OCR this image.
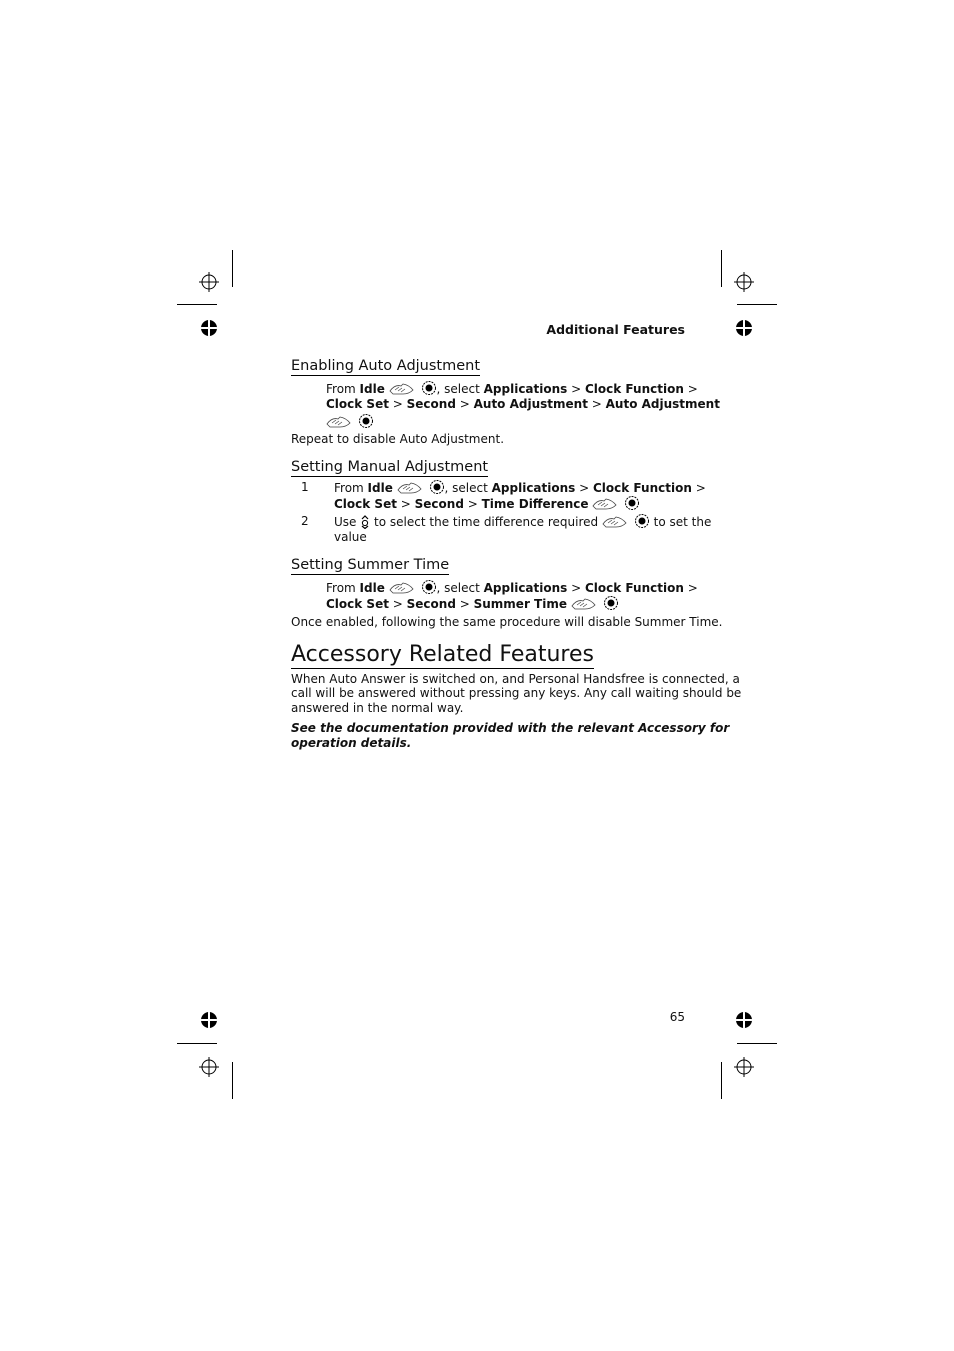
Additional Features
Enabling Auto Adjustment
From Idle	, select Applications > Clock Function >
Clock Set > Second > Auto Adjustment > Auto Adjustment

Repeat to disable Auto Adjustment.
Setting Manual Adjustment
1 From Idle	, select Applications > Clock Function >
Clock Set > Second > Time Difference
2 Use  to select the time difference required	to set the
value
Setting Summer Time
From Idle	, select Applications > Clock Function >
Clock Set > Second > Summer Time
Once enabled, following the same procedure will disable Summer Time.
Accessory Related Features
When Auto Answer is switched on, and Personal Handsfree is connected, a
call will be answered without pressing any keys. Any call waiting should be
answered in the normal way.
See the documentation provided with the relevant Accessory for
operation details.
65
